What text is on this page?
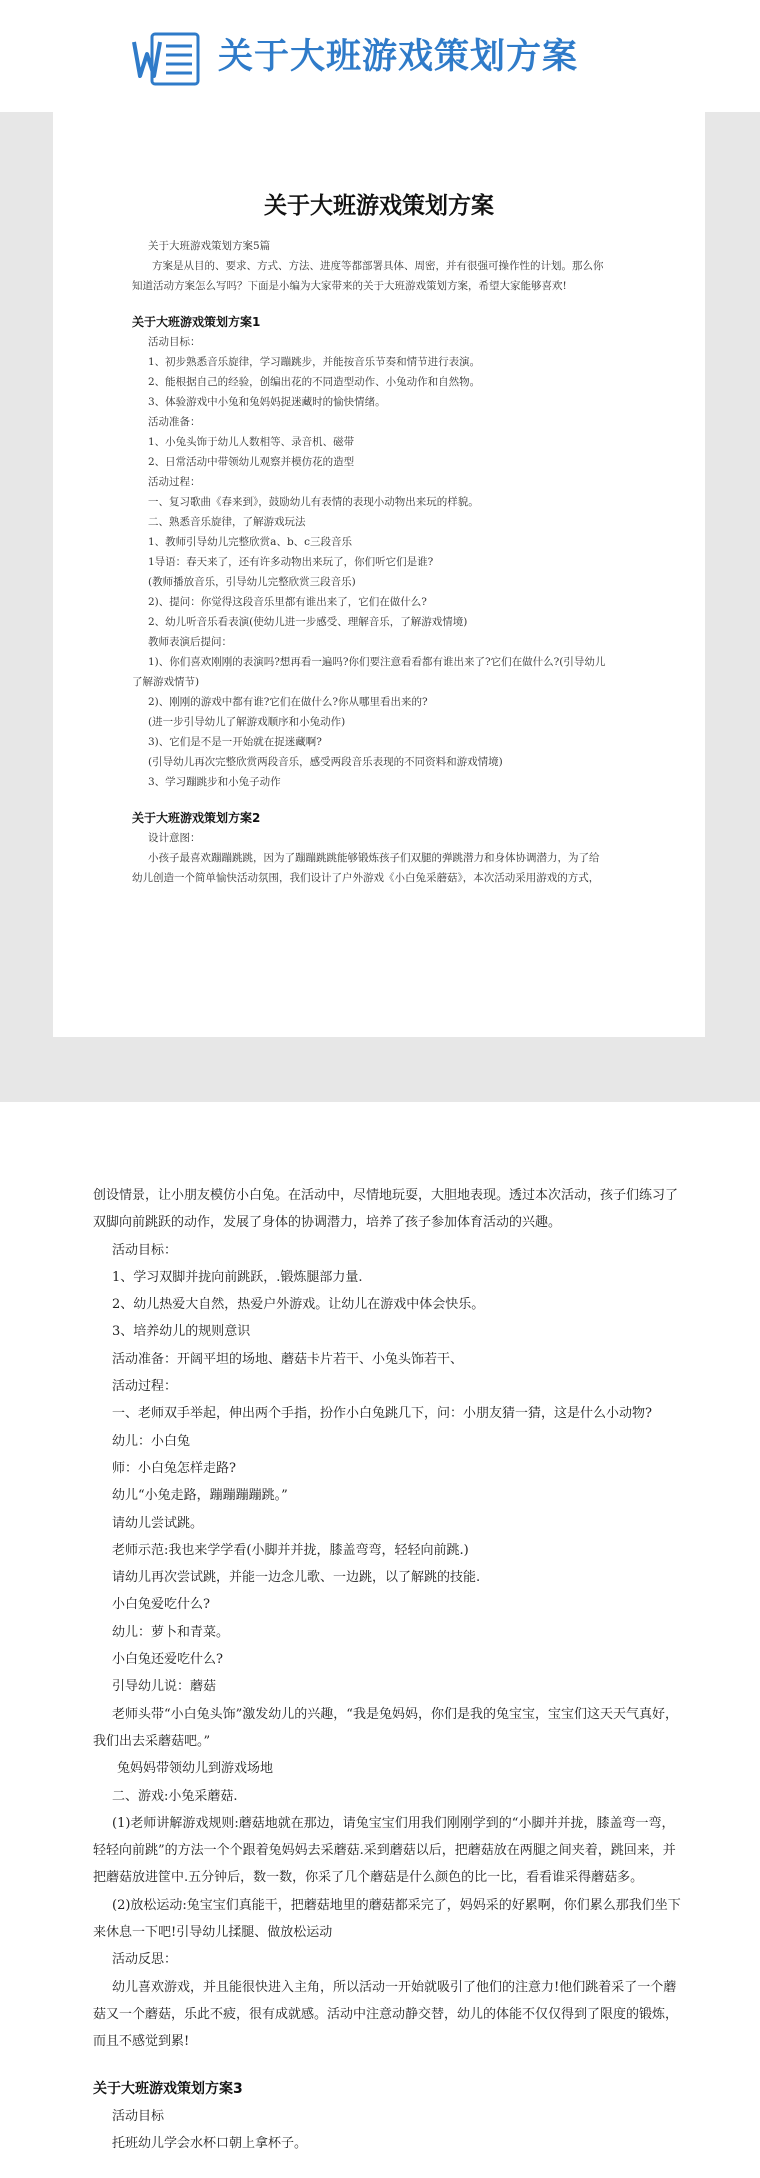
关于大班游戏策划方案
关于大班游戏策划方案

关于大班游戏策划方案5篇

方案是从目的、要求、方式、方法、进度等都部署具体、周密，并有很强可操作性的计划。那么你

知道活动方案怎么写吗？下面是小编为大家带来的关于大班游戏策划方案，希望大家能够喜欢!

关于大班游戏策划方案1

活动目标：

1、初步熟悉音乐旋律，学习蹦跳步，并能按音乐节奏和情节进行表演。

2、能根据自己的经验，创编出花的不同造型动作、小兔动作和自然物。

3、体验游戏中小兔和兔妈妈捉迷藏时的愉快情绪。

活动准备：

1、小兔头饰于幼儿人数相等、录音机、磁带

2、日常活动中带领幼儿观察并模仿花的造型

活动过程：

一、复习歌曲《春来到》，鼓励幼儿有表情的表现小动物出来玩的样貌。

二、熟悉音乐旋律，了解游戏玩法

1、教师引导幼儿完整欣赏a、b、c三段音乐

1导语：春天来了，还有许多动物出来玩了，你们听它们是谁?

(教师播放音乐，引导幼儿完整欣赏三段音乐)

2)、提问：你觉得这段音乐里都有谁出来了，它们在做什么?

2、幼儿听音乐看表演(使幼儿进一步感受、理解音乐，了解游戏情境)

教师表演后提问：

1)、你们喜欢刚刚的表演吗?想再看一遍吗?你们要注意看看都有谁出来了?它们在做什么?(引导幼儿

了解游戏情节)

2)、刚刚的游戏中都有谁?它们在做什么?你从哪里看出来的?

(进一步引导幼儿了解游戏顺序和小兔动作)

3)、它们是不是一开始就在捉迷藏啊?

(引导幼儿再次完整欣赏两段音乐，感受两段音乐表现的不同资料和游戏情境)

3、学习蹦跳步和小兔子动作

关于大班游戏策划方案2

设计意图：

小孩子最喜欢蹦蹦跳跳，因为了蹦蹦跳跳能够锻炼孩子们双腿的弹跳潜力和身体协调潜力，为了给

幼儿创造一个简单愉快活动氛围，我们设计了户外游戏《小白兔采蘑菇》，本次活动采用游戏的方式，

创设情景，让小朋友模仿小白兔。在活动中，尽情地玩耍，大胆地表现。透过本次活动，孩子们练习了

双脚向前跳跃的动作，发展了身体的协调潜力，培养了孩子参加体育活动的兴趣。

活动目标：

1、学习双脚并拢向前跳跃，.锻炼腿部力量.

2、幼儿热爱大自然，热爱户外游戏。让幼儿在游戏中体会快乐。

3、培养幼儿的规则意识

活动准备：开阔平坦的场地、蘑菇卡片若干、小兔头饰若干、

活动过程：

一、老师双手举起，伸出两个手指，扮作小白兔跳几下，问：小朋友猜一猜，这是什么小动物?

幼儿：小白兔

师：小白兔怎样走路?

幼儿“小兔走路，蹦蹦蹦蹦跳。”

请幼儿尝试跳。

老师示范:我也来学学看(小脚并并拢，膝盖弯弯，轻轻向前跳.)

请幼儿再次尝试跳，并能一边念儿歌、一边跳，以了解跳的技能.

小白兔爱吃什么?

幼儿：萝卜和青菜。

小白兔还爱吃什么?

引导幼儿说：蘑菇

老师头带“小白兔头饰”激发幼儿的兴趣，“我是兔妈妈，你们是我的兔宝宝，宝宝们这天天气真好，

我们出去采蘑菇吧。”

兔妈妈带领幼儿到游戏场地

二、游戏:小兔采蘑菇.

(1)老师讲解游戏规则:蘑菇地就在那边，请兔宝宝们用我们刚刚学到的“小脚并并拢，膝盖弯一弯，

轻轻向前跳”的方法一个个跟着兔妈妈去采蘑菇.采到蘑菇以后，把蘑菇放在两腿之间夹着，跳回来，并

把蘑菇放进筐中.五分钟后，数一数，你采了几个蘑菇是什么颜色的比一比，看看谁采得蘑菇多。

(2)放松运动:兔宝宝们真能干，把蘑菇地里的蘑菇都采完了，妈妈采的好累啊，你们累么那我们坐下

来休息一下吧!引导幼儿揉腿、做放松运动

活动反思：

幼儿喜欢游戏，并且能很快进入主角，所以活动一开始就吸引了他们的注意力!他们跳着采了一个蘑

菇又一个蘑菇，乐此不疲，很有成就感。活动中注意动静交替，幼儿的体能不仅仅得到了限度的锻炼，

而且不感觉到累!

关于大班游戏策划方案3

活动目标

托班幼儿学会水杯口朝上拿杯子。
